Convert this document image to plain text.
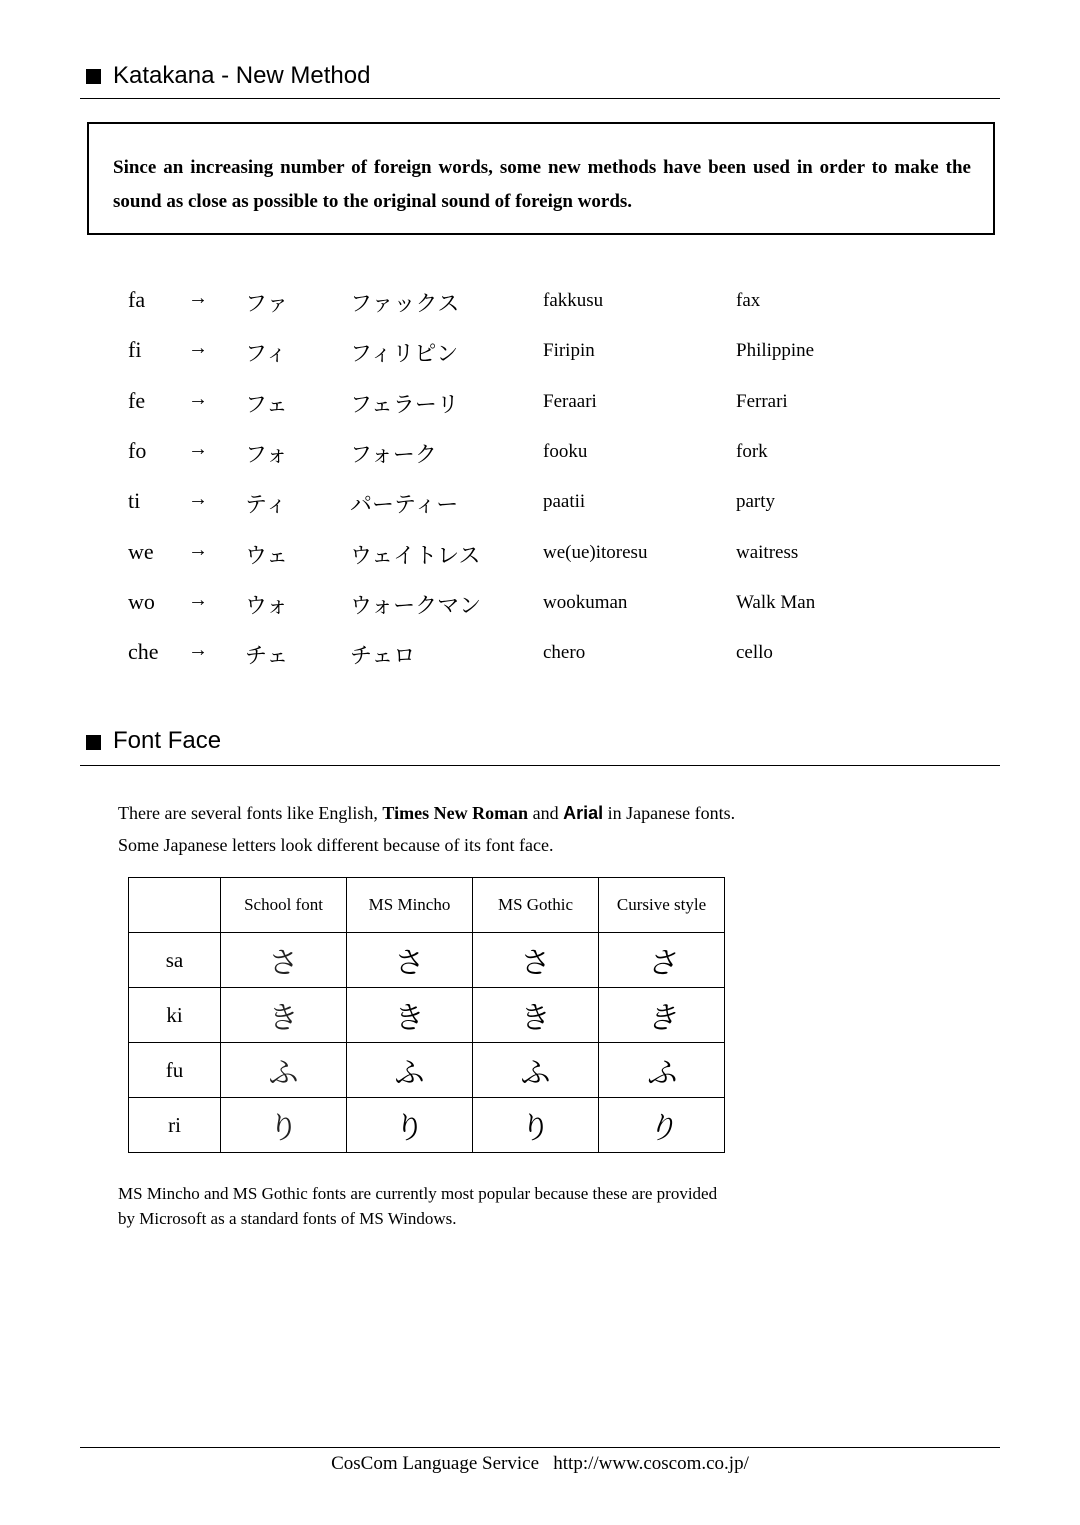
Katakana - New Method

Since an increasing number of foreign words, some new methods have been used in order to make the sound as close as possible to the original sound of foreign words.

fa → ファ	ファックス	fakkusu	fax
fi → フィ	フィリピン	Firipin	Philippine
fe → フェ	フェラーリ	Feraari	Ferrari
fo → フォ	フォーク	fooku	fork
ti → ティ	パーティー	paatii	party
we → ウェ	ウェイトレス	we(ue)itoresu	waitress
wo → ウォ	ウォークマン	wookuman	Walk Man
che → チェ	チェロ	chero	cello
Font Face

There are several fonts like English, Times New Roman and Arial in Japanese fonts.

Some Japanese letters look different because of its font face.

	School font	MS Mincho	MS Gothic	Cursive style
sa	さ	さ	さ	さ
ki	き	き	き	き
fu	ふ	ふ	ふ	ふ
ri	り	り	り	り

MS Mincho and MS Gothic fonts are currently most popular because these are provided

by Microsoft as a standard fonts of MS Windows.

CosCom Language Service http://www.coscom.co.jp/
